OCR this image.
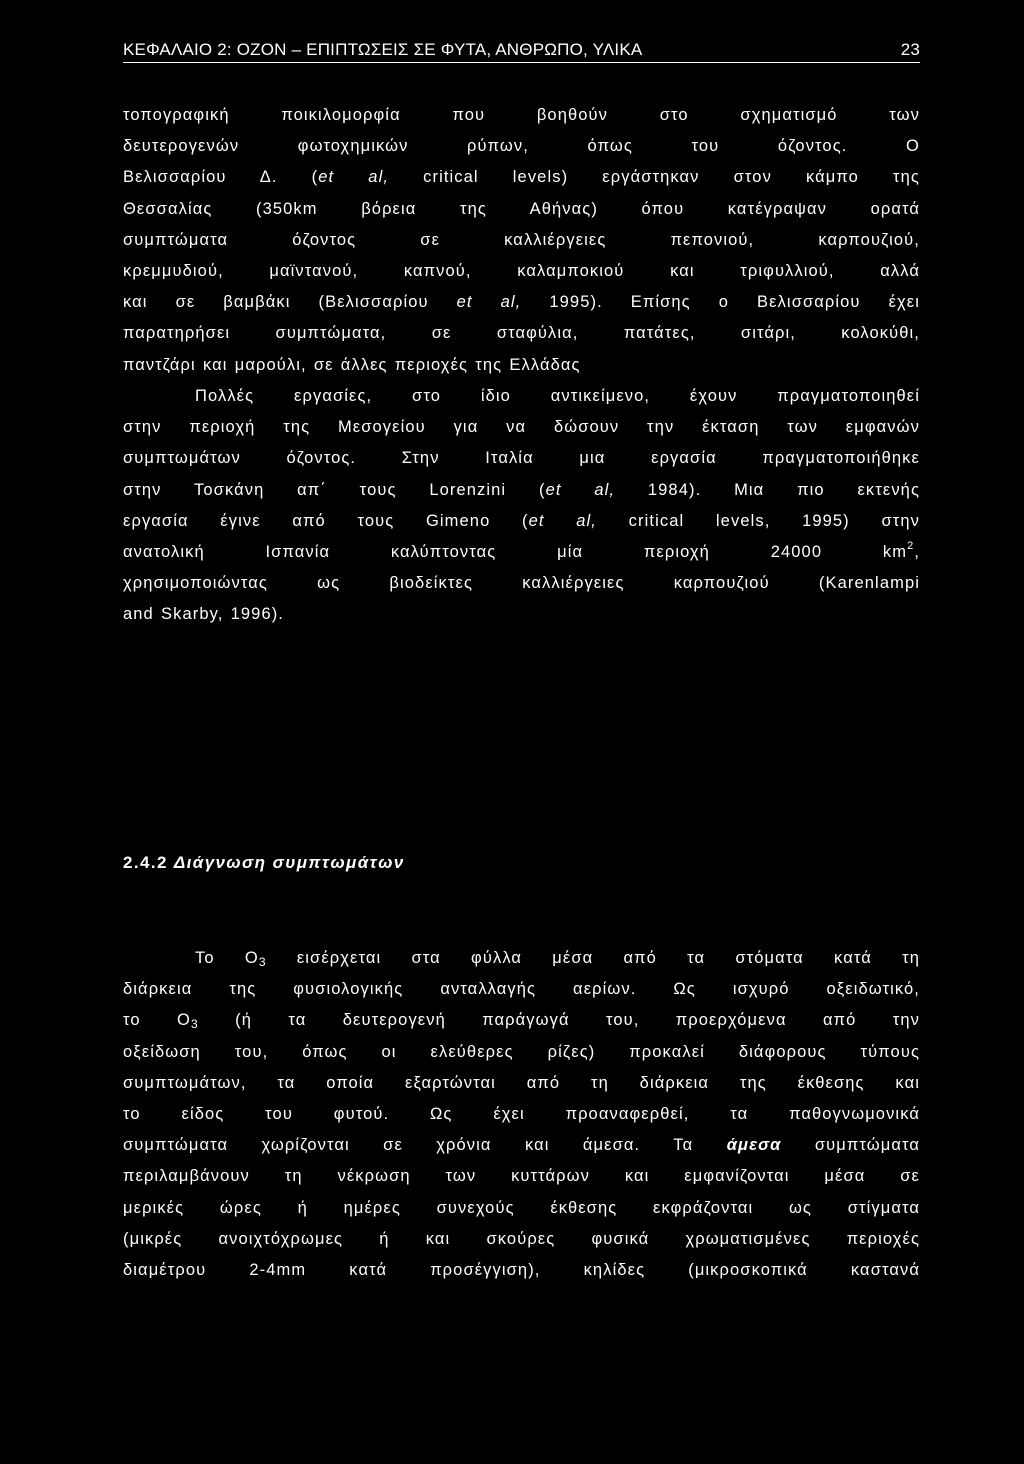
ΚΕΦΑΛΑΙΟ 2: ΟΖΟΝ – ΕΠΙΠΤΩΣΕΙΣ ΣΕ ΦΥΤΑ, ΑΝΘΡΩΠΟ, ΥΛΙΚΑ	23
τοπογραφική ποικιλομορφία που βοηθούν στο σχηματισμό των
δευτερογενών φωτοχημικών ρύπων, όπως του όζοντος. Ο
Βελισσαρίου Δ. (et al, critical levels) εργάστηκαν στον κάμπο της
Θεσσαλίας (350km βόρεια της Αθήνας) όπου κατέγραψαν ορατά
συμπτώματα όζοντος σε καλλιέργειες πεπονιού, καρπουζιού,
κρεμμυδιού, μαϊντανού, καπνού, καλαμποκιού και τριφυλλιού, αλλά
και σε βαμβάκι (Βελισσαρίου et al, 1995). Επίσης ο Βελισσαρίου έχει
παρατηρήσει συμπτώματα, σε σταφύλια, πατάτες, σιτάρι, κολοκύθι,
παντζάρι και μαρούλι, σε άλλες περιοχές της Ελλάδας
Πολλές εργασίες, στο ίδιο αντικείμενο, έχουν πραγματοποιηθεί
στην περιοχή της Μεσογείου για να δώσουν την έκταση των εμφανών
συμπτωμάτων όζοντος. Στην Ιταλία μια εργασία πραγματοποιήθηκε
στην Τοσκάνη απ΄ τους Lorenzini (et al, 1984). Μια πιο εκτενής
εργασία έγινε από τους Gimeno (et al, critical levels, 1995) στην
ανατολική Ισπανία καλύπτοντας μία περιοχή 24000 $km^2$,
χρησιμοποιώντας ως βιοδείκτες καλλιέργειες καρπουζιού (Karenlampi
and Skarby, 1996).
2.4.2 Διάγνωση συμπτωμάτων
Το $O_3$ εισέρχεται στα φύλλα μέσα από τα στόματα κατά τη
διάρκεια της φυσιολογικής ανταλλαγής αερίων. Ως ισχυρό οξειδωτικό,
το $O_3$ (ή τα δευτερογενή παράγωγά του, προερχόμενα από την
οξείδωση του, όπως οι ελεύθερες ρίζες) προκαλεί διάφορους τύπους
συμπτωμάτων, τα οποία εξαρτώνται από τη διάρκεια της έκθεσης και
το είδος του φυτού. Ως έχει προαναφερθεί, τα παθογνωμονικά
συμπτώματα χωρίζονται σε χρόνια και άμεσα. Τα άμεσα συμπτώματα
περιλαμβάνουν τη νέκρωση των κυττάρων και εμφανίζονται μέσα σε
μερικές ώρες ή ημέρες συνεχούς έκθεσης εκφράζονται ως στίγματα
(μικρές ανοιχτόχρωμες ή και σκούρες φυσικά χρωματισμένες περιοχές
διαμέτρου 2-4mm κατά προσέγγιση), κηλίδες (μικροσκοπικά καστανά
